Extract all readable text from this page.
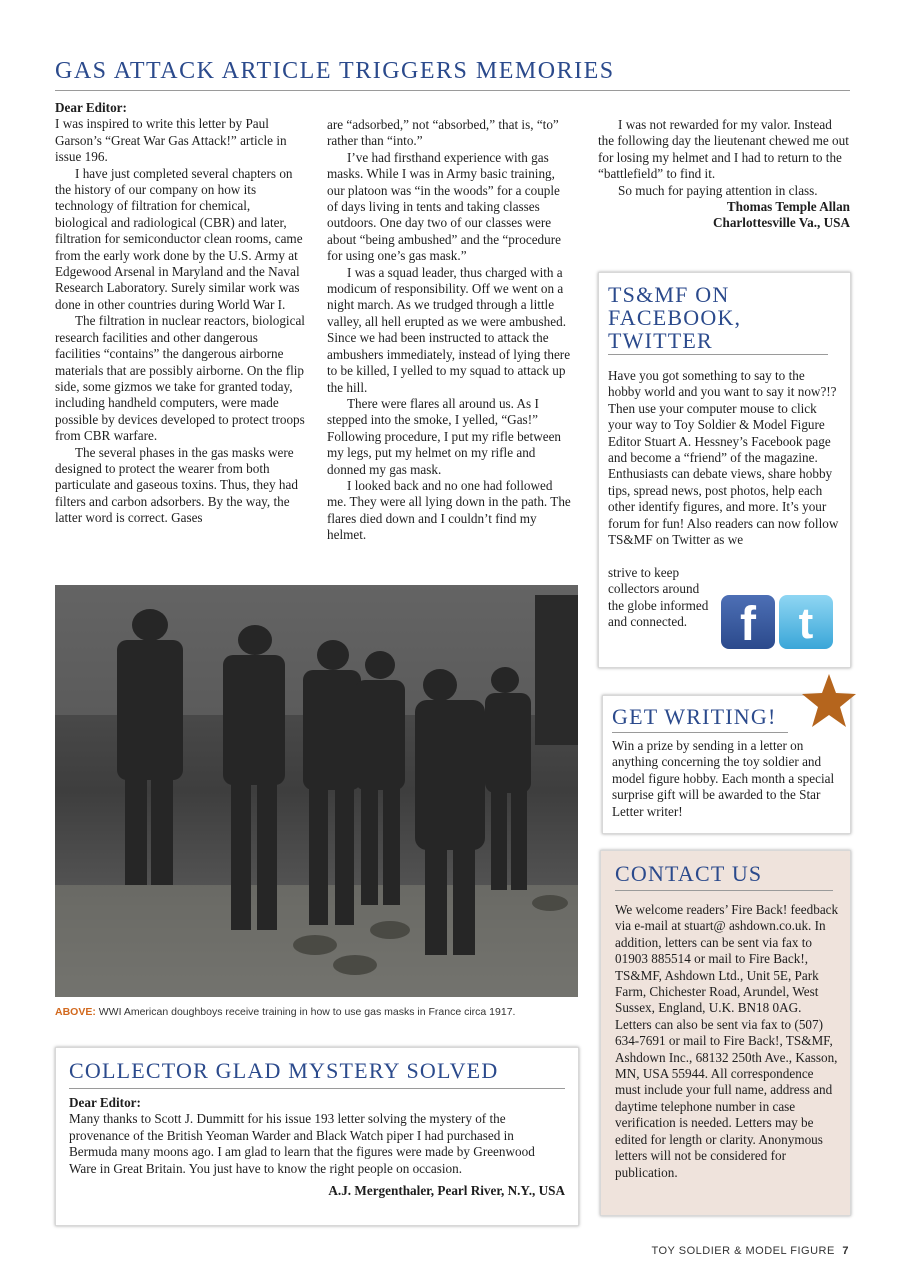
GAS ATTACK ARTICLE TRIGGERS MEMORIES

Dear Editor:

I was inspired to write this letter by Paul Garson’s “Great War Gas Attack!” article in issue 196.

I have just completed several chapters on the history of our company on how its technology of filtration for chemical, biological and radiological (CBR) and later, filtration for semiconductor clean rooms, came from the early work done by the U.S. Army at Edgewood Arsenal in Maryland and the Naval Research Laboratory. Surely similar work was done in other countries during World War I.

The filtration in nuclear reactors, biological research facilities and other dangerous facilities “contains” the dangerous airborne materials that are possibly airborne. On the flip side, some gizmos we take for granted today, including handheld computers, were made possible by devices developed to protect troops from CBR warfare.

The several phases in the gas masks were designed to protect the wearer from both particulate and gaseous toxins. Thus, they had filters and carbon adsorbers. By the way, the latter word is correct. Gases

are “adsorbed,” not “absorbed,” that is, “to” rather than “into.”

I’ve had firsthand experience with gas masks. While I was in Army basic training, our platoon was “in the woods” for a couple of days living in tents and taking classes outdoors. One day two of our classes were about “being ambushed” and the “procedure for using one’s gas mask.”

I was a squad leader, thus charged with a modicum of responsibility. Off we went on a night march. As we trudged through a little valley, all hell erupted as we were ambushed. Since we had been instructed to attack the ambushers immediately, instead of lying there to be killed, I yelled to my squad to attack up the hill.

There were flares all around us. As I stepped into the smoke, I yelled, “Gas!” Following procedure, I put my rifle between my legs, put my helmet on my rifle and donned my gas mask.

I looked back and no one had followed me. They were all lying down in the path. The flares died down and I couldn’t find my helmet.

I was not rewarded for my valor. Instead the following day the lieutenant chewed me out for losing my helmet and I had to return to the “battlefield” to find it.

So much for paying attention in class.

Thomas Temple Allan
Charlottesville Va., USA
TS&MF ON FACEBOOK, TWITTER
Have you got something to say to the hobby world and you want to say it now?!? Then use your computer mouse to click your way to Toy Soldier & Model Figure Editor Stuart A. Hessney’s Facebook page and become a “friend” of the magazine. Enthusiasts can debate views, share hobby tips, spread news, post photos, help each other identify figures, and more. It’s your forum for fun! Also readers can now follow TS&MF on Twitter as we
strive to keep collectors around the globe informed and connected.	f t
GET WRITING!
Win a prize by sending in a letter on anything concerning the toy soldier and model figure hobby. Each month a special surprise gift will be awarded to the Star Letter writer!
CONTACT US
We welcome readers’ Fire Back! feedback via e-mail at stuart@ ashdown.co.uk. In addition, letters can be sent via fax to 01903 885514 or mail to Fire Back!, TS&MF, Ashdown Ltd., Unit 5E, Park Farm, Chichester Road, Arundel, West Sussex, England, U.K. BN18 0AG. Letters can also be sent via fax to (507) 634-7691 or mail to Fire Back!, TS&MF, Ashdown Inc., 68132 250th Ave., Kasson, MN, USA 55944. All correspondence must include your full name, address and daytime telephone number in case verification is needed. Letters may be edited for length or clarity. Anonymous letters will not be considered for publication.
ABOVE: WWI American doughboys receive training in how to use gas masks in France circa 1917.
COLLECTOR GLAD MYSTERY SOLVED

Dear Editor:

Many thanks to Scott J. Dummitt for his issue 193 letter solving the mystery of the provenance of the British Yeoman Warder and Black Watch piper I had purchased in Bermuda many moons ago. I am glad to learn that the figures were made by Greenwood Ware in Great Britain. You just have to know the right people on occasion.

A.J. Mergenthaler, Pearl River, N.Y., USA
TOY SOLDIER & MODEL FIGURE 7
